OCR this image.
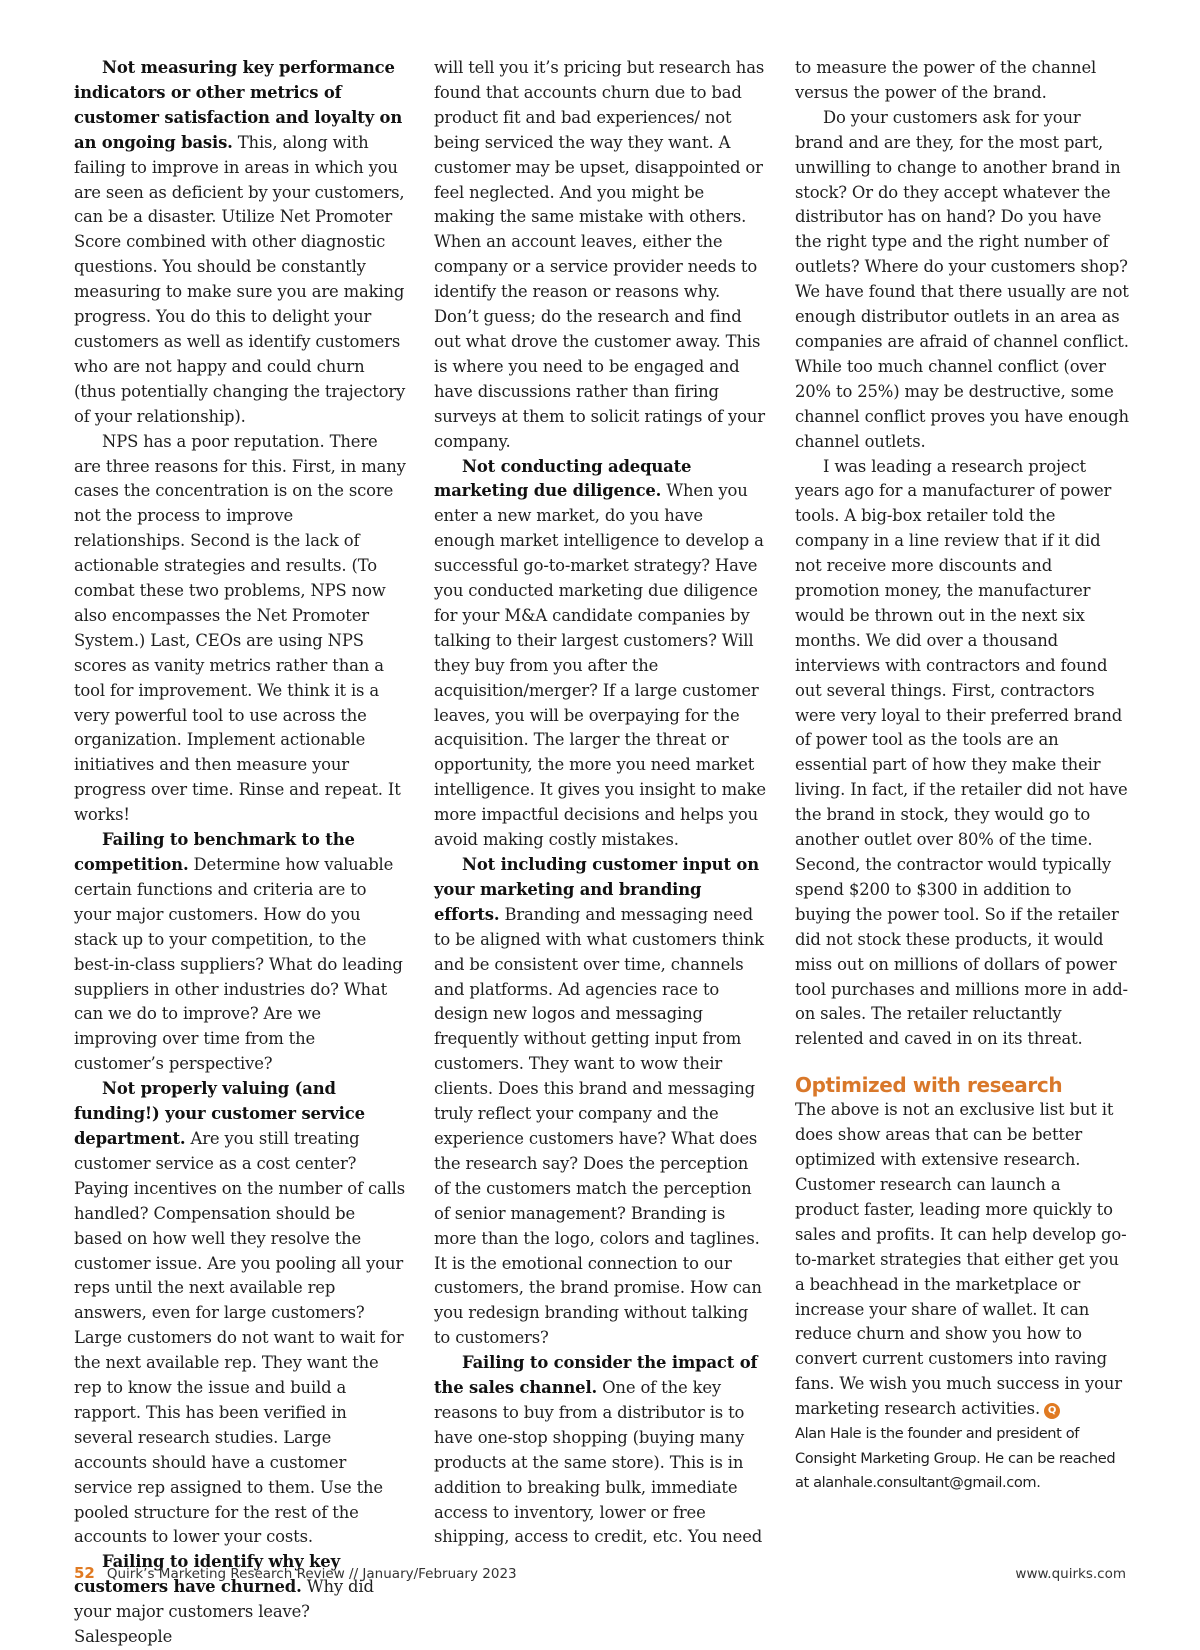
Not measuring key performance indicators or other metrics of customer satisfaction and loyalty on an ongoing basis. This, along with failing to improve in areas in which you are seen as deficient by your customers, can be a disaster. Utilize Net Promoter Score combined with other diagnostic questions. You should be constantly measuring to make sure you are making progress. You do this to delight your customers as well as identify customers who are not happy and could churn (thus potentially changing the trajectory of your relationship).

NPS has a poor reputation. There are three reasons for this. First, in many cases the concentration is on the score not the process to improve relationships. Second is the lack of actionable strategies and results. (To combat these two problems, NPS now also encompasses the Net Promoter System.) Last, CEOs are using NPS scores as vanity metrics rather than a tool for improvement. We think it is a very powerful tool to use across the organization. Implement actionable initiatives and then measure your progress over time. Rinse and repeat. It works!

Failing to benchmark to the competition. Determine how valuable certain functions and criteria are to your major customers. How do you stack up to your competition, to the best-in-class suppliers? What do leading suppliers in other industries do? What can we do to improve? Are we improving over time from the customer’s perspective?

Not properly valuing (and funding!) your customer service department. Are you still treating customer service as a cost center? Paying incentives on the number of calls handled? Compensation should be based on how well they resolve the customer issue. Are you pooling all your reps until the next available rep answers, even for large customers? Large customers do not want to wait for the next available rep. They want the rep to know the issue and build a rapport. This has been verified in several research studies. Large accounts should have a customer service rep assigned to them. Use the pooled structure for the rest of the accounts to lower your costs.

Failing to identify why key customers have churned. Why did your major customers leave? Salespeople

will tell you it’s pricing but research has found that accounts churn due to bad product fit and bad experiences/ not being serviced the way they want. A customer may be upset, disappointed or feel neglected. And you might be making the same mistake with others. When an account leaves, either the company or a service provider needs to identify the reason or reasons why. Don’t guess; do the research and find out what drove the customer away. This is where you need to be engaged and have discussions rather than firing surveys at them to solicit ratings of your company.

Not conducting adequate marketing due diligence. When you enter a new market, do you have enough market intelligence to develop a successful go-to-market strategy? Have you conducted marketing due diligence for your M&A candidate companies by talking to their largest customers? Will they buy from you after the acquisition/merger? If a large customer leaves, you will be overpaying for the acquisition. The larger the threat or opportunity, the more you need market intelligence. It gives you insight to make more impactful decisions and helps you avoid making costly mistakes.

Not including customer input on your marketing and branding efforts. Branding and messaging need to be aligned with what customers think and be consistent over time, channels and platforms. Ad agencies race to design new logos and messaging frequently without getting input from customers. They want to wow their clients. Does this brand and messaging truly reflect your company and the experience customers have? What does the research say? Does the perception of the customers match the perception of senior management? Branding is more than the logo, colors and taglines. It is the emotional connection to our customers, the brand promise. How can you redesign branding without talking to customers?

Failing to consider the impact of the sales channel. One of the key reasons to buy from a distributor is to have one-stop shopping (buying many products at the same store). This is in addition to breaking bulk, immediate access to inventory, lower or free shipping, access to credit, etc. You need

to measure the power of the channel versus the power of the brand.

Do your customers ask for your brand and are they, for the most part, unwilling to change to another brand in stock? Or do they accept whatever the distributor has on hand? Do you have the right type and the right number of outlets? Where do your customers shop? We have found that there usually are not enough distributor outlets in an area as companies are afraid of channel conflict. While too much channel conflict (over 20% to 25%) may be destructive, some channel conflict proves you have enough channel outlets.

I was leading a research project years ago for a manufacturer of power tools. A big-box retailer told the company in a line review that if it did not receive more discounts and promotion money, the manufacturer would be thrown out in the next six months. We did over a thousand interviews with contractors and found out several things. First, contractors were very loyal to their preferred brand of power tool as the tools are an essential part of how they make their living. In fact, if the retailer did not have the brand in stock, they would go to another outlet over 80% of the time. Second, the contractor would typically spend $200 to $300 in addition to buying the power tool. So if the retailer did not stock these products, it would miss out on millions of dollars of power tool purchases and millions more in add-on sales. The retailer reluctantly relented and caved in on its threat.

Optimized with research

The above is not an exclusive list but it does show areas that can be better optimized with extensive research. Customer research can launch a product faster, leading more quickly to sales and profits. It can help develop go-to-market strategies that either get you a beachhead in the marketplace or increase your share of wallet. It can reduce churn and show you how to convert current customers into raving fans. We wish you much success in your marketing research activities. Q

Alan Hale is the founder and president of Consight Marketing Group. He can be reached at alanhale.consultant@gmail.com.

52 Quirk’s Marketing Research Review // January/February 2023	www.quirks.com
